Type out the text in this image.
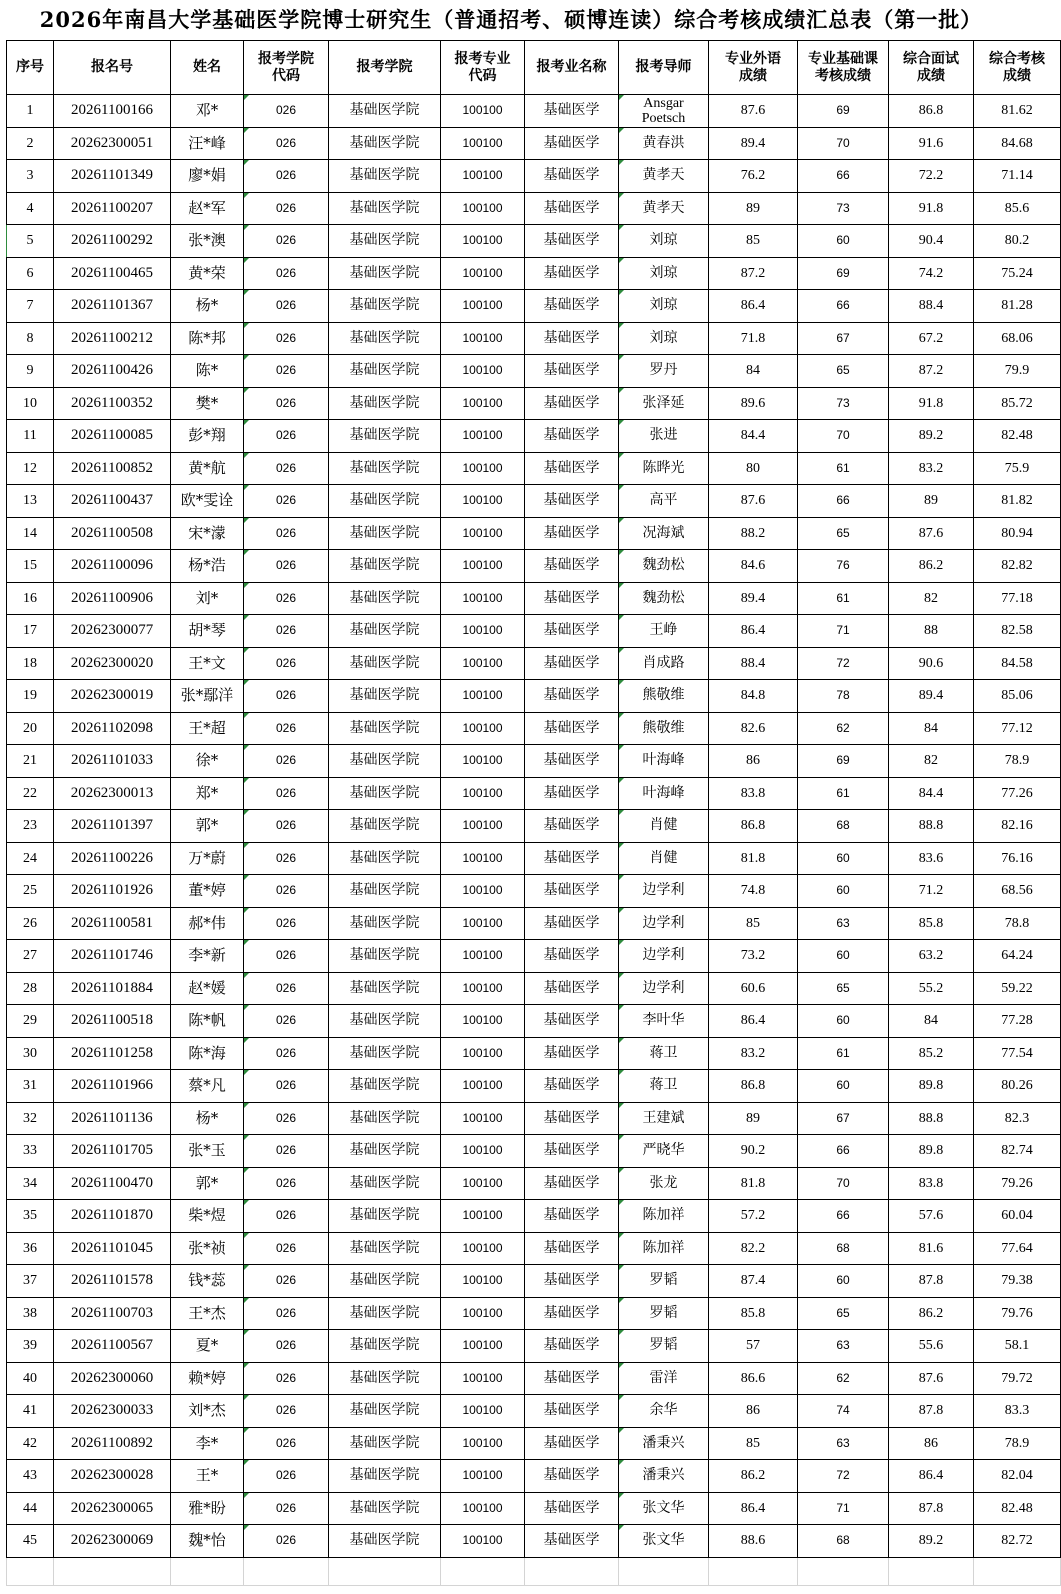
2026年南昌大学基础医学院博士研究生（普通招考、硕博连读）综合考核成绩汇总表（第一批）
序号	报名号	姓名	报考学院代码	报考学院	报考专业代码	报考业名称	报考导师	专业外语成绩	专业基础课考核成绩	综合面试成绩	综合考核成绩
1	20261100166	邓*	026	基础医学院	100100	基础医学	Ansgar Poetsch	87.6	69	86.8	81.62
2	20262300051	汪*峰	026	基础医学院	100100	基础医学	黄春洪	89.4	70	91.6	84.68
3	20261101349	廖*娟	026	基础医学院	100100	基础医学	黄孝天	76.2	66	72.2	71.14
4	20261100207	赵*军	026	基础医学院	100100	基础医学	黄孝天	89	73	91.8	85.6
5	20261100292	张*澳	026	基础医学院	100100	基础医学	刘琼	85	60	90.4	80.2
6	20261100465	黄*荣	026	基础医学院	100100	基础医学	刘琼	87.2	69	74.2	75.24
7	20261101367	杨*	026	基础医学院	100100	基础医学	刘琼	86.4	66	88.4	81.28
8	20261100212	陈*邦	026	基础医学院	100100	基础医学	刘琼	71.8	67	67.2	68.06
9	20261100426	陈*	026	基础医学院	100100	基础医学	罗丹	84	65	87.2	79.9
10	20261100352	樊*	026	基础医学院	100100	基础医学	张泽延	89.6	73	91.8	85.72
11	20261100085	彭*翔	026	基础医学院	100100	基础医学	张进	84.4	70	89.2	82.48
12	20261100852	黄*航	026	基础医学院	100100	基础医学	陈晔光	80	61	83.2	75.9
13	20261100437	欧*雯诠	026	基础医学院	100100	基础医学	高平	87.6	66	89	81.82
14	20261100508	宋*濛	026	基础医学院	100100	基础医学	况海斌	88.2	65	87.6	80.94
15	20261100096	杨*浩	026	基础医学院	100100	基础医学	魏劲松	84.6	76	86.2	82.82
16	20261100906	刘*	026	基础医学院	100100	基础医学	魏劲松	89.4	61	82	77.18
17	20262300077	胡*琴	026	基础医学院	100100	基础医学	王峥	86.4	71	88	82.58
18	20262300020	王*文	026	基础医学院	100100	基础医学	肖成路	88.4	72	90.6	84.58
19	20262300019	张*鄢洋	026	基础医学院	100100	基础医学	熊敬维	84.8	78	89.4	85.06
20	20261102098	王*超	026	基础医学院	100100	基础医学	熊敬维	82.6	62	84	77.12
21	20261101033	徐*	026	基础医学院	100100	基础医学	叶海峰	86	69	82	78.9
22	20262300013	郑*	026	基础医学院	100100	基础医学	叶海峰	83.8	61	84.4	77.26
23	20261101397	郭*	026	基础医学院	100100	基础医学	肖健	86.8	68	88.8	82.16
24	20261100226	万*蔚	026	基础医学院	100100	基础医学	肖健	81.8	60	83.6	76.16
25	20261101926	董*婷	026	基础医学院	100100	基础医学	边学利	74.8	60	71.2	68.56
26	20261100581	郝*伟	026	基础医学院	100100	基础医学	边学利	85	63	85.8	78.8
27	20261101746	李*新	026	基础医学院	100100	基础医学	边学利	73.2	60	63.2	64.24
28	20261101884	赵*媛	026	基础医学院	100100	基础医学	边学利	60.6	65	55.2	59.22
29	20261100518	陈*帆	026	基础医学院	100100	基础医学	李叶华	86.4	60	84	77.28
30	20261101258	陈*海	026	基础医学院	100100	基础医学	蒋卫	83.2	61	85.2	77.54
31	20261101966	蔡*凡	026	基础医学院	100100	基础医学	蒋卫	86.8	60	89.8	80.26
32	20261101136	杨*	026	基础医学院	100100	基础医学	王建斌	89	67	88.8	82.3
33	20261101705	张*玉	026	基础医学院	100100	基础医学	严晓华	90.2	66	89.8	82.74
34	20261100470	郭*	026	基础医学院	100100	基础医学	张龙	81.8	70	83.8	79.26
35	20261101870	柴*煜	026	基础医学院	100100	基础医学	陈加祥	57.2	66	57.6	60.04
36	20261101045	张*祯	026	基础医学院	100100	基础医学	陈加祥	82.2	68	81.6	77.64
37	20261101578	钱*蕊	026	基础医学院	100100	基础医学	罗韬	87.4	60	87.8	79.38
38	20261100703	王*杰	026	基础医学院	100100	基础医学	罗韬	85.8	65	86.2	79.76
39	20261100567	夏*	026	基础医学院	100100	基础医学	罗韬	57	63	55.6	58.1
40	20262300060	赖*婷	026	基础医学院	100100	基础医学	雷洋	86.6	62	87.6	79.72
41	20262300033	刘*杰	026	基础医学院	100100	基础医学	余华	86	74	87.8	83.3
42	20261100892	李*	026	基础医学院	100100	基础医学	潘秉兴	85	63	86	78.9
43	20262300028	王*	026	基础医学院	100100	基础医学	潘秉兴	86.2	72	86.4	82.04
44	20262300065	雅*盼	026	基础医学院	100100	基础医学	张文华	86.4	71	87.8	82.48
45	20262300069	魏*怡	026	基础医学院	100100	基础医学	张文华	88.6	68	89.2	82.72
